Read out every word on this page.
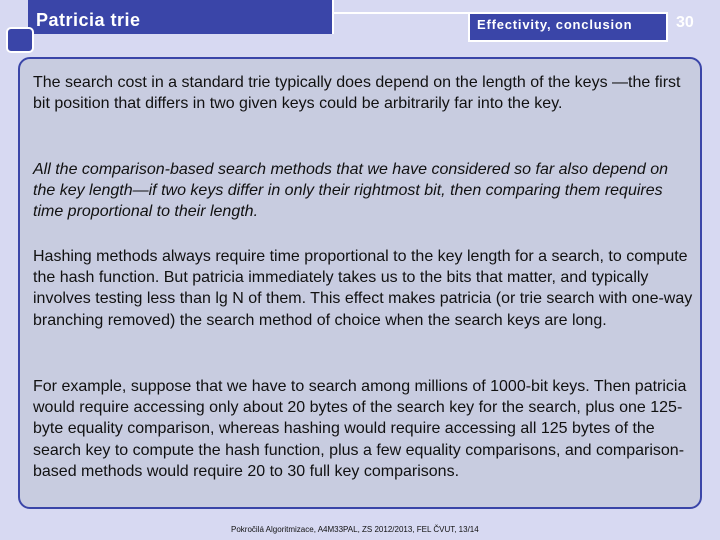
Patricia trie	Effectivity, conclusion	30

The search cost in a standard trie typically does depend on the length of the keys —the first bit position that differs in two given keys could be arbitrarily far into the key.

All the comparison-based search methods that we have considered so far also depend on the key length—if two keys differ in only their rightmost bit, then comparing them requires time proportional to their length.

Hashing methods always require time proportional to the key length for a search, to compute the hash function. But patricia immediately takes us to the bits that matter, and typically involves testing less than lg N of them. This effect makes patricia (or trie search with one-way branching removed) the search method of choice when the search keys are long.

For example, suppose that we have to search among millions of 1000-bit keys. Then patricia would require accessing only about 20 bytes of the search key for the search, plus one 125-byte equality comparison, whereas hashing would require accessing all 125 bytes of the search key to compute the hash function, plus a few equality comparisons, and comparison-based methods would require 20 to 30 full key comparisons.

Pokročilá Algoritmizace, A4M33PAL, ZS 2012/2013, FEL ČVUT, 13/14
